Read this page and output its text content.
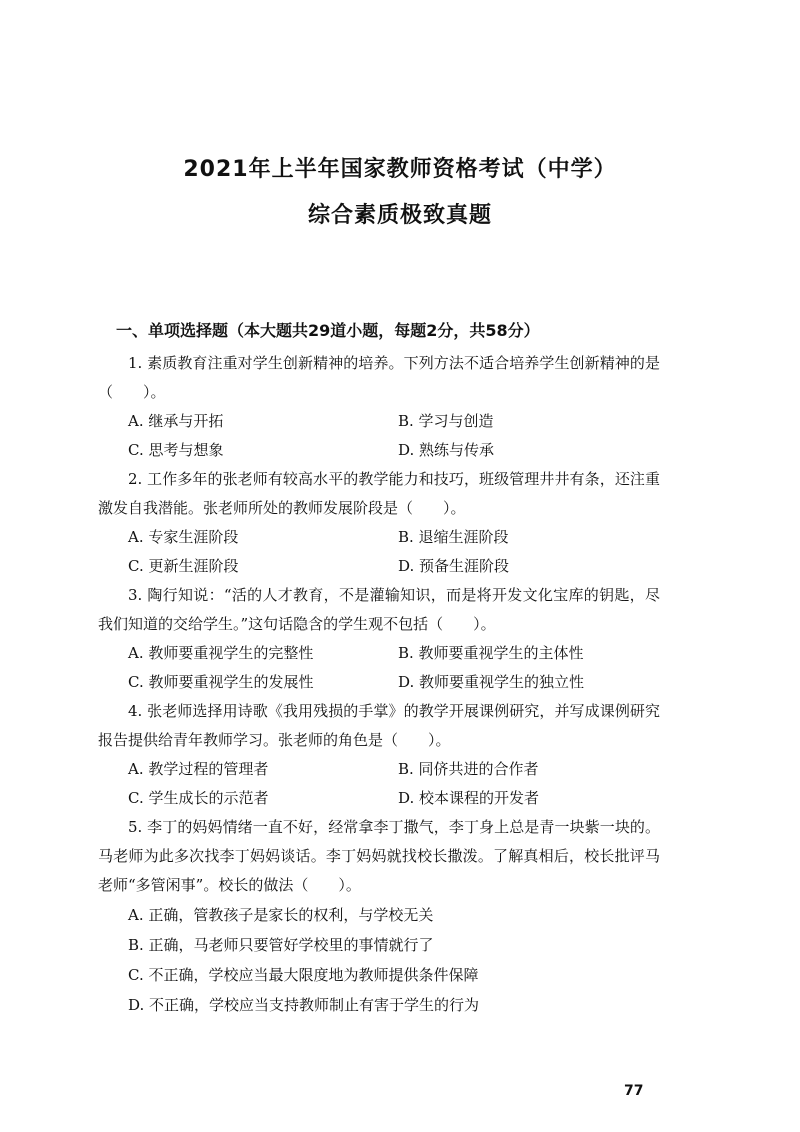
2021年上半年国家教师资格考试（中学）
综合素质极致真题
一、单项选择题（本大题共29道小题，每题2分，共58分）

1. 素质教育注重对学生创新精神的培养。下列方法不适合培养学生创新精神的是（　　）。

A. 继承与开拓	B. 学习与创造
C. 思考与想象	D. 熟练与传承

2. 工作多年的张老师有较高水平的教学能力和技巧，班级管理井井有条，还注重激发自我潜能。张老师所处的教师发展阶段是（　　）。

A. 专家生涯阶段	B. 退缩生涯阶段
C. 更新生涯阶段	D. 预备生涯阶段

3. 陶行知说：“活的人才教育，不是灌输知识，而是将开发文化宝库的钥匙，尽我们知道的交给学生。”这句话隐含的学生观不包括（　　）。

A. 教师要重视学生的完整性	B. 教师要重视学生的主体性
C. 教师要重视学生的发展性	D. 教师要重视学生的独立性

4. 张老师选择用诗歌《我用残损的手掌》的教学开展课例研究，并写成课例研究报告提供给青年教师学习。张老师的角色是（　　）。

A. 教学过程的管理者	B. 同侪共进的合作者
C. 学生成长的示范者	D. 校本课程的开发者

5. 李丁的妈妈情绪一直不好，经常拿李丁撒气，李丁身上总是青一块紫一块的。马老师为此多次找李丁妈妈谈话。李丁妈妈就找校长撒泼。了解真相后，校长批评马老师“多管闲事”。校长的做法（　　）。

A. 正确，管教孩子是家长的权利，与学校无关
B. 正确，马老师只要管好学校里的事情就行了
C. 不正确，学校应当最大限度地为教师提供条件保障
D. 不正确，学校应当支持教师制止有害于学生的行为
77
